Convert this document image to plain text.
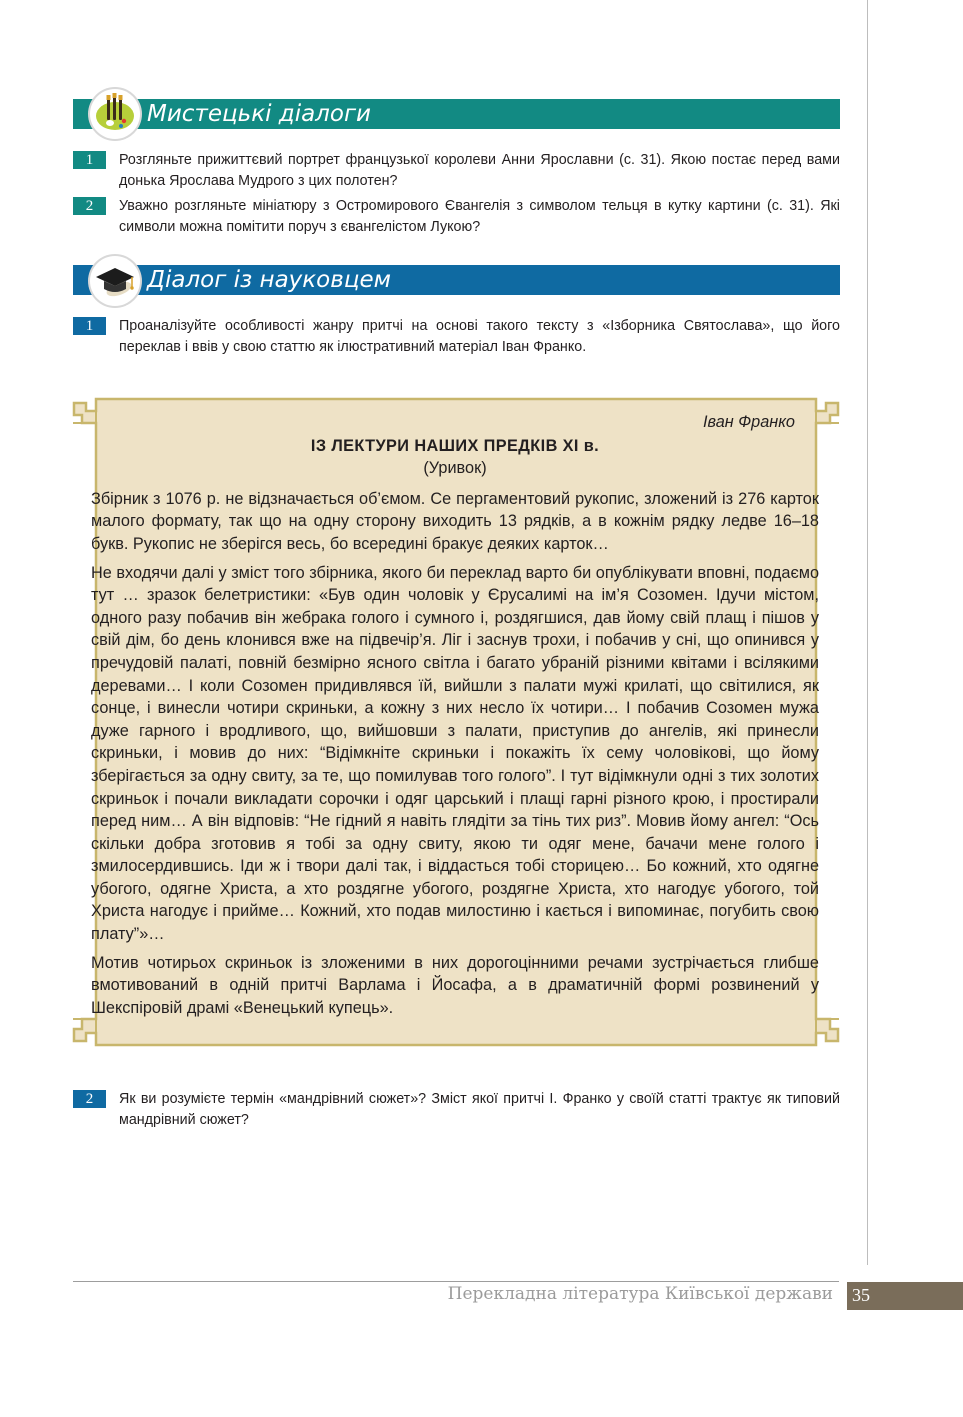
Мистецькі діалоги
1	Розгляньте прижиттєвий портрет французької королеви Анни Ярославни (с. 31). Якою постає перед вами донька Ярослава Мудрого з цих полотен?
2	Уважно розгляньте мініатюру з Остромирового Євангелія з символом тельця в кутку картини (с. 31). Які символи можна помітити поруч з євангелістом Лукою?
Діалог із науковцем
1	Проаналізуйте особливості жанру притчі на основі такого тексту з «Ізборника Святослава», що його переклав і ввів у свою статтю як ілюстративний матеріал Іван Франко.
Іван Франко
ІЗ ЛЕКТУРИ НАШИХ ПРЕДКІВ XI в.
(Уривок)

Збірник з 1076 р. не відзначається об’ємом. Се пергаментовий рукопис, зложений із 276 карток малого формату, так що на одну сторону виходить 13 рядків, а в кожнім рядку ледве 16–18 букв. Рукопис не зберігся весь, бо всередині бракує деяких карток…

Не входячи далі у зміст того збірника, якого би переклад варто би опублікувати вповні, подаємо тут … зразок белетристики: «Був один чоловік у Єрусалимі на ім’я Созомен. Ідучи містом, одного разу побачив він жебрака голого і сумного і, роздягшися, дав йому свій плащ і пішов у свій дім, бо день клонився вже на підвечір’я. Ліг і заснув трохи, і побачив у сні, що опинився у пречудовій палаті, повній безмірно ясного світла і багато убраній різними квітами і всілякими деревами… І коли Созомен придивлявся їй, вийшли з палати мужі крилаті, що світилися, як сонце, і винесли чотири скриньки, а кожну з них несло їх чотири… І побачив Созомен мужа дуже гарного і вродливого, що, вийшовши з палати, приступив до ангелів, які принесли скриньки, і мовив до них: “Відімкніте скриньки і покажіть їх сему чоловікові, що йому зберігається за одну свиту, за те, що помилував того голого”. І тут відімкнули одні з тих золотих скриньок і почали викладати сорочки і одяг царський і плащі гарні різного крою, і простирали перед ним… А він відповів: “Не гідний я навіть глядіти за тінь тих риз”. Мовив йому ангел: “Ось скільки добра зготовив я тобі за одну свиту, якою ти одяг мене, бачачи мене голого і змилосердившись. Іди ж і твори далі так, і віддасться тобі сторицею… Бо кожний, хто одягне убогого, одягне Христа, а хто роздягне убогого, роздягне Христа, хто нагодує убогого, той Христа нагодує і прийме… Кожний, хто подав милостиню і кається і випоминає, погубить свою плату”»…

Мотив чотирьох скриньок із зложеними в них дорогоцінними речами зустрічається глибше вмотивований в одній притчі Варлама і Йосафа, а в драматичній формі розвинений у Шекспіровій драмі «Венецький купець».

2	Як ви розумієте термін «мандрівний сюжет»? Зміст якої притчі І. Франко у своїй статті трактує як типовий мандрівний сюжет?
Перекладна література Київської держави 35
